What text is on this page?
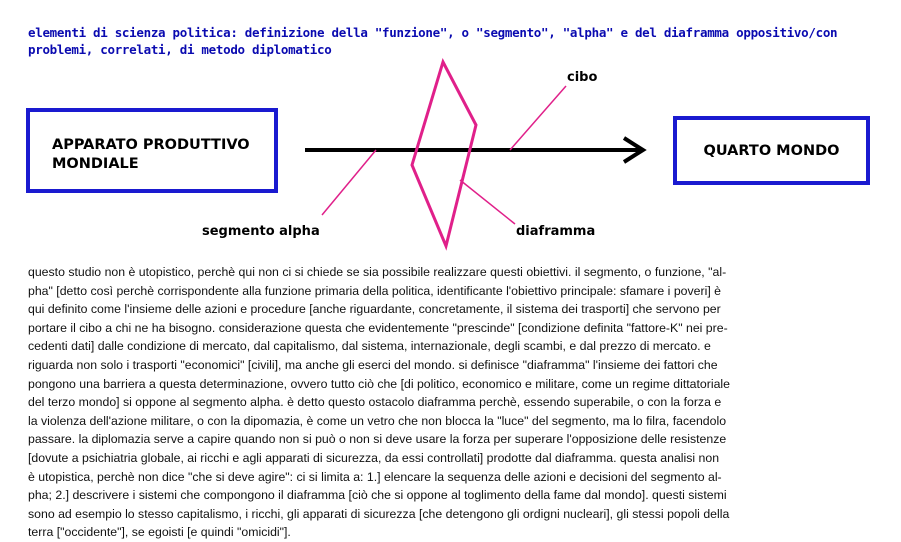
elementi di scienza politica: definizione della "funzione", o "segmento", "alpha" e del diaframma oppositivo/con
problemi, correlati, di metodo diplomatico
APPARATO PRODUTTIVO
MONDIALE
QUARTO MONDO
cibo
segmento alpha	diaframma
questo studio non è utopistico, perchè qui non ci si chiede se sia possibile realizzare questi obiettivi. il segmento, o funzione, "al-
pha" [detto così perchè corrispondente alla funzione primaria della politica, identificante l'obiettivo principale: sfamare i poveri] è
qui definito come l'insieme delle azioni e procedure [anche riguardante, concretamente, il sistema dei trasporti] che servono per
portare il cibo a chi ne ha bisogno. considerazione questa che evidentemente "prescinde" [condizione definita "fattore-K" nei pre-
cedenti dati] dalle condizione di mercato, dal capitalismo, dal sistema, internazionale, degli scambi, e dal prezzo di mercato. e
riguarda non solo i trasporti "economici" [civili], ma anche gli eserci del mondo. si definisce "diaframma" l'insieme dei fattori che
pongono una barriera a questa determinazione, ovvero tutto ciò che [di politico, economico e militare, come un regime dittatoriale
del terzo mondo] si oppone al segmento alpha. è detto questo ostacolo diaframma perchè, essendo superabile, o con la forza e
la violenza dell'azione militare, o con la dipomazia, è come un vetro che non blocca la "luce" del segmento, ma lo filra, facendolo
passare. la diplomazia serve a capire quando non si può o non si deve usare la forza per superare l'opposizione delle resistenze
[dovute a psichiatria globale, ai ricchi e agli apparati di sicurezza, da essi controllati] prodotte dal diaframma. questa analisi non
è utopistica, perchè non dice "che si deve agire": ci si limita a: 1.] elencare la sequenza delle azioni e decisioni del segmento al-
pha; 2.] descrivere i sistemi che compongono il diaframma [ciò che si oppone al toglimento della fame dal mondo]. questi sistemi
sono ad esempio lo stesso capitalismo, i ricchi, gli apparati di sicurezza [che detengono gli ordigni nucleari], gli stessi popoli della
terra ["occidente"], se egoisti [e quindi "omicidi"].
